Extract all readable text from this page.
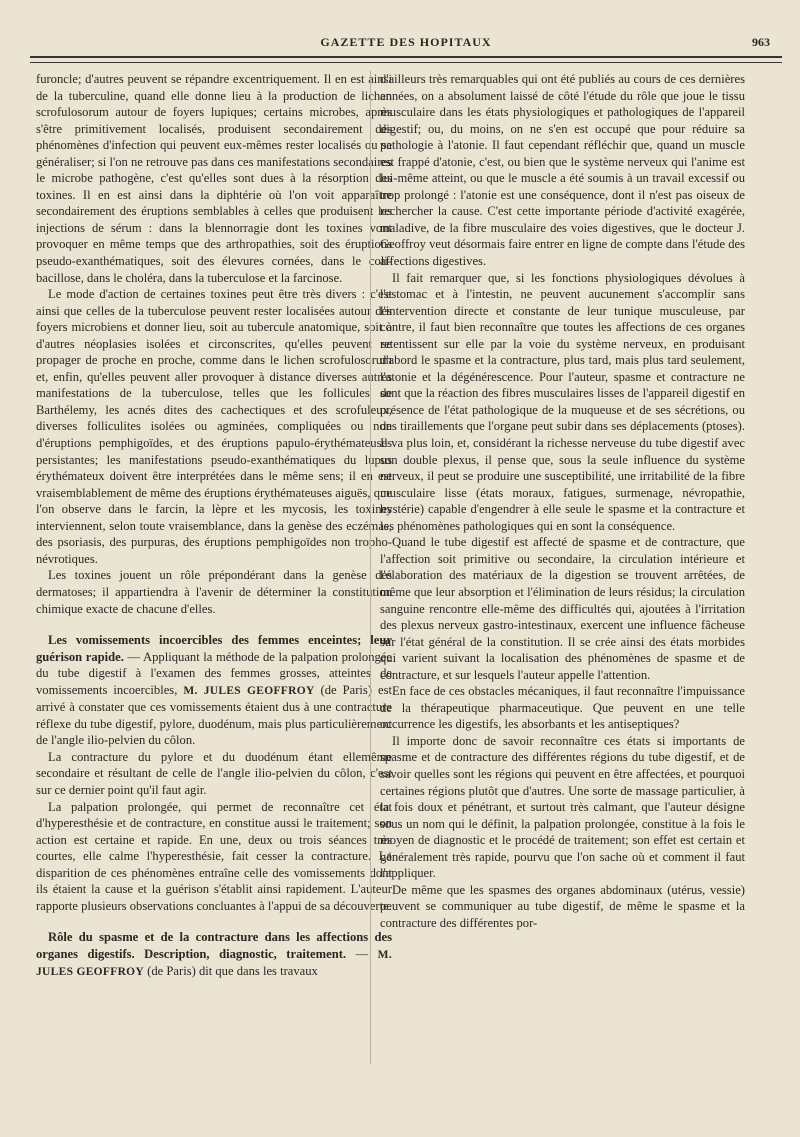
GAZETTE DES HOPITAUX	963

furoncle; d'autres peuvent se répandre excentriquement. Il en est ainsi de la tuberculine, quand elle donne lieu à la production de lichen scrofulosorum autour de foyers lupiques; certains microbes, après s'être primitivement localisés, produisent secondairement des phénomènes d'infection qui peuvent eux-mêmes rester localisés ou se généraliser; si l'on ne retrouve pas dans ces manifestations secondaires le microbe pathogène, c'est qu'elles sont dues à la résorption des toxines. Il en est ainsi dans la diphtérie où l'on voit apparaître secondairement des éruptions semblables à celles que produisent les injections de sérum : dans la blennorragie dont les toxines vont provoquer en même temps que des arthropathies, soit des éruptions pseudo-exanthématiques, soit des élevures cornées, dans le coli-bacillose, dans le choléra, dans la tuberculose et la farcinose.

Le mode d'action de certaines toxines peut être très divers : c'est ainsi que celles de la tuberculose peuvent rester localisées autour des foyers microbiens et donner lieu, soit au tubercule anatomique, soit à d'autres néoplasies isolées et circonscrites, qu'elles peuvent se propager de proche en proche, comme dans le lichen scrofulosorum et, enfin, qu'elles peuvent aller provoquer à distance diverses autres manifestations de la tuberculose, telles que les follicules de Barthélemy, les acnés dites des cachectiques et des scrofuleux, diverses folliculites isolées ou agminées, compliquées ou non d'éruptions pemphigoïdes, et des éruptions papulo-érythémateuses persistantes; les manifestations pseudo-exanthématiques du lupus érythémateux doivent être interprétées dans le même sens; il en est vraisemblablement de même des éruptions érythémateuses aiguës, que l'on observe dans le farcin, la lèpre et les mycosis, les toxines interviennent, selon toute vraisemblance, dans la genèse des eczémas, des psoriasis, des purpuras, des éruptions pemphigoïdes non tropho-névrotiques.

Les toxines jouent un rôle prépondérant dans la genèse des dermatoses; il appartiendra à l'avenir de déterminer la constitution chimique exacte de chacune d'elles.

Les vomissements incoercibles des femmes enceintes; leur guérison rapide. — Appliquant la méthode de la palpation prolongée du tube digestif à l'examen des femmes grosses, atteintes de vomissements incoercibles, M. JULES GEOFFROY (de Paris) est arrivé à constater que ces vomissements étaient dus à une contracture réflexe du tube digestif, pylore, duodénum, mais plus particulièrement de l'angle ilio-pelvien du côlon.

La contracture du pylore et du duodénum étant ellemême secondaire et résultant de celle de l'angle ilio-pelvien du côlon, c'est sur ce dernier point qu'il faut agir.

La palpation prolongée, qui permet de reconnaître cet état d'hyperesthésie et de contracture, en constitue aussi le traitement; son action est certaine et rapide. En une, deux ou trois séances très courtes, elle calme l'hyperesthésie, fait cesser la contracture. La disparition de ces phénomènes entraîne celle des vomissements dont ils étaient la cause et la guérison s'établit ainsi rapidement. L'auteur rapporte plusieurs observations concluantes à l'appui de sa découverte.

Rôle du spasme et de la contracture dans les affections des organes digestifs. Description, diagnostic, traitement. — M. JULES GEOFFROY (de Paris) dit que dans les travaux

d'ailleurs très remarquables qui ont été publiés au cours de ces dernières années, on a absolument laissé de côté l'étude du rôle que joue le tissu musculaire dans les états physiologiques et pathologiques de l'appareil digestif; ou, du moins, on ne s'en est occupé que pour réduire sa pathologie à l'atonie. Il faut cependant réfléchir que, quand un muscle est frappé d'atonie, c'est, ou bien que le système nerveux qui l'anime est lui-même atteint, ou que le muscle a été soumis à un travail excessif ou trop prolongé : l'atonie est une conséquence, dont il n'est pas oiseux de rechercher la cause. C'est cette importante période d'activité exagérée, maladive, de la fibre musculaire des voies digestives, que le docteur J. Geoffroy veut désormais faire entrer en ligne de compte dans l'étude des affections digestives.

Il fait remarquer que, si les fonctions physiologiques dévolues à l'estomac et à l'intestin, ne peuvent aucunement s'accomplir sans l'intervention directe et constante de leur tunique musculeuse, par contre, il faut bien reconnaître que toutes les affections de ces organes retentissent sur elle par la voie du système nerveux, en produisant d'abord le spasme et la contracture, plus tard, mais plus tard seulement, l'atonie et la dégénérescence. Pour l'auteur, spasme et contracture ne sont que la réaction des fibres musculaires lisses de l'appareil digestif en présence de l'état pathologique de la muqueuse et de ses sécrétions, ou des tiraillements que l'organe peut subir dans ses déplacements (ptoses). Il va plus loin, et, considérant la richesse nerveuse du tube digestif avec son double plexus, il pense que, sous la seule influence du système nerveux, il peut se produire une susceptibilité, une irritabilité de la fibre musculaire lisse (états moraux, fatigues, surmenage, névropathie, hystérie) capable d'engendrer à elle seule le spasme et la contracture et les phénomènes pathologiques qui en sont la conséquence.

Quand le tube digestif est affecté de spasme et de contracture, que l'affection soit primitive ou secondaire, la circulation intérieure et l'élaboration des matériaux de la digestion se trouvent arrêtées, de même que leur absorption et l'élimination de leurs résidus; la circulation sanguine rencontre elle-même des difficultés qui, ajoutées à l'irritation des plexus nerveux gastro-intestinaux, exercent une influence fâcheuse sur l'état général de la constitution. Il se crée ainsi des états morbides qui varient suivant la localisation des phénomènes de spasme et de contracture, et sur lesquels l'auteur appelle l'attention.

En face de ces obstacles mécaniques, il faut reconnaître l'impuissance de la thérapeutique pharmaceutique. Que peuvent en une telle occurrence les digestifs, les absorbants et les antiseptiques?

Il importe donc de savoir reconnaître ces états si importants de spasme et de contracture des différentes régions du tube digestif, et de savoir quelles sont les régions qui peuvent en être affectées, et pourquoi certaines régions plutôt que d'autres. Une sorte de massage particulier, à la fois doux et pénétrant, et surtout très calmant, que l'auteur désigne sous un nom qui le définit, la palpation prolongée, constitue à la fois le moyen de diagnostic et le procédé de traitement; son effet est certain et généralement très rapide, pourvu que l'on sache où et comment il faut l'appliquer.

De même que les spasmes des organes abdominaux (utérus, vessie) peuvent se communiquer au tube digestif, de même le spasme et la contracture des différentes por-
